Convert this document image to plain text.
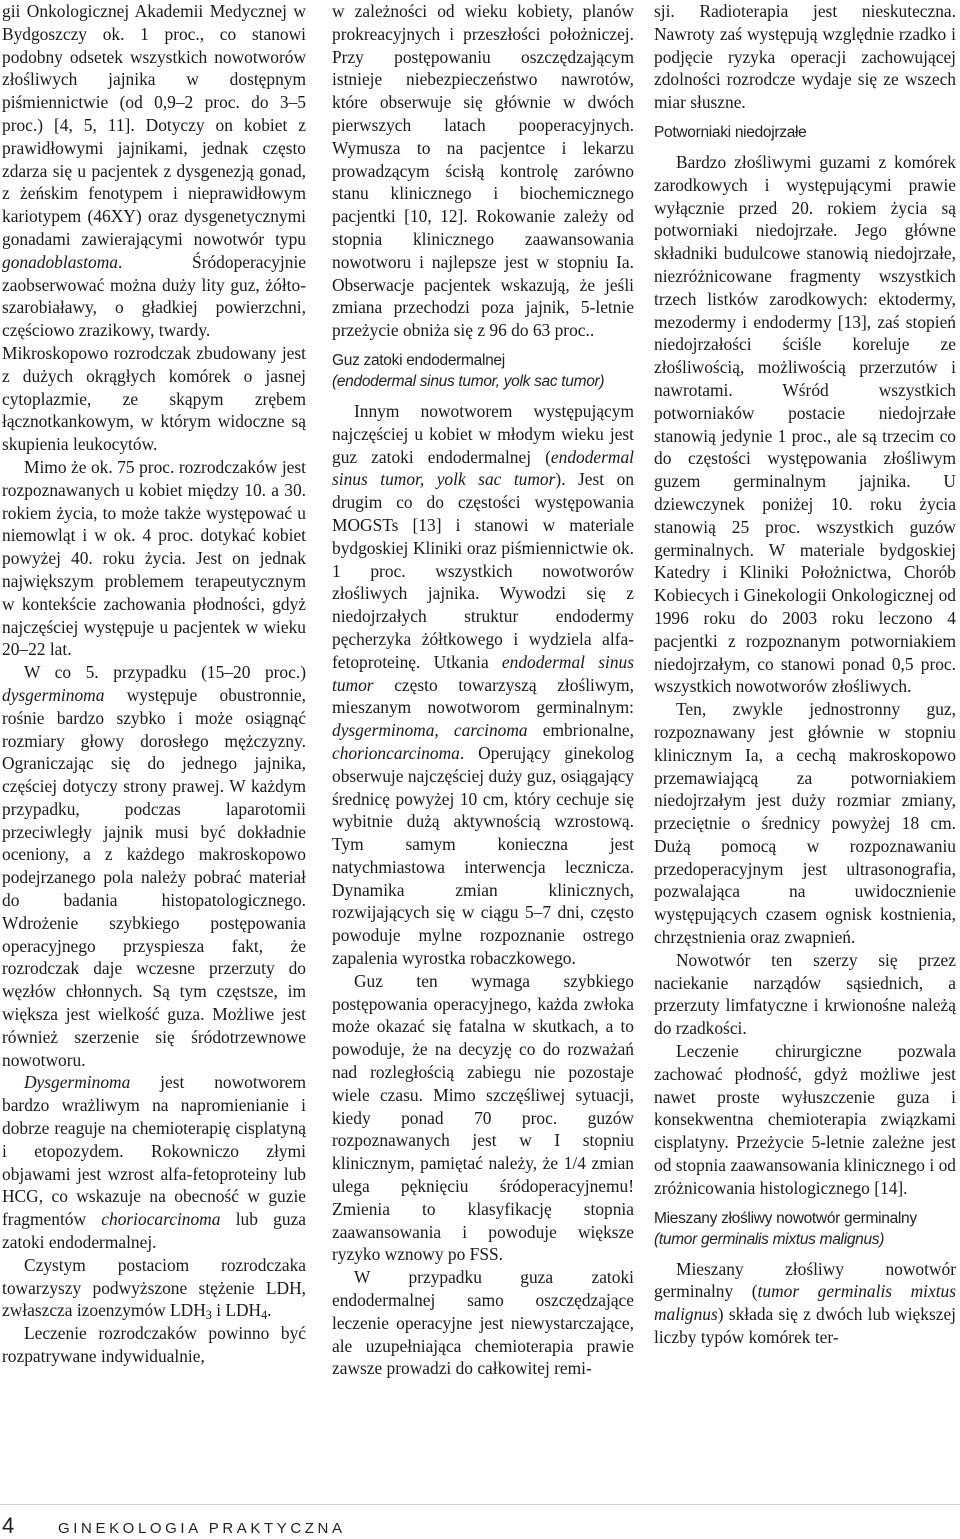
gii Onkologicznej Akademii Medycznej w Bydgoszczy ok. 1 proc., co stanowi podobny odsetek wszystkich nowotworów złośliwych jajnika w dostępnym piśmiennictwie (od 0,9–2 proc. do 3–5 proc.) [4, 5, 11]. Dotyczy on kobiet z prawidłowymi jajnikami, jednak często zdarza się u pacjentek z dysgenezją gonad, z żeńskim fenotypem i nieprawidłowym kariotypem (46XY) oraz dysgenetycznymi gonadami zawierającymi nowotwór typu gonadoblastoma. Śródoperacyjnie zaobserwować można duży lity guz, żółto-szarobiaławy, o gładkiej powierzchni, częściowo zrazikowy, twardy.

Mikroskopowo rozrodczak zbudowany jest z dużych okrągłych komórek o jasnej cytoplazmie, ze skąpym zrębem łącznotkankowym, w którym widoczne są skupienia leukocytów.

Mimo że ok. 75 proc. rozrodczaków jest rozpoznawanych u kobiet między 10. a 30. rokiem życia, to może także występować u niemowląt i w ok. 4 proc. dotykać kobiet powyżej 40. roku życia. Jest on jednak największym problemem terapeutycznym w kontekście zachowania płodności, gdyż najczęściej występuje u pacjentek w wieku 20–22 lat.

W co 5. przypadku (15–20 proc.) dysgerminoma występuje obustronnie, rośnie bardzo szybko i może osiągnąć rozmiary głowy dorosłego mężczyzny. Ograniczając się do jednego jajnika, częściej dotyczy strony prawej. W każdym przypadku, podczas laparotomii przeciwległy jajnik musi być dokładnie oceniony, a z każdego makroskopowo podejrzanego pola należy pobrać materiał do badania histopatologicznego. Wdrożenie szybkiego postępowania operacyjnego przyspiesza fakt, że rozrodczak daje wczesne przerzuty do węzłów chłonnych. Są tym częstsze, im większa jest wielkość guza. Możliwe jest również szerzenie się śródotrzewnowe nowotworu.

Dysgerminoma jest nowotworem bardzo wrażliwym na napromienianie i dobrze reaguje na chemioterapię cisplatyną i etopozydem. Rokowniczo złymi objawami jest wzrost alfa-fetoproteiny lub HCG, co wskazuje na obecność w guzie fragmentów choriocarcinoma lub guza zatoki endodermalnej.

Czystym postaciom rozrodczaka towarzyszy podwyższone stężenie LDH, zwłaszcza izoenzymów $LDH_3$ i $LDH_4$.

Leczenie rozrodczaków powinno być rozpatrywane indywidualnie,

w zależności od wieku kobiety, planów prokreacyjnych i przeszłości położniczej. Przy postępowaniu oszczędzającym istnieje niebezpieczeństwo nawrotów, które obserwuje się głównie w dwóch pierwszych latach pooperacyjnych. Wymusza to na pacjentce i lekarzu prowadzącym ścisłą kontrolę zarówno stanu klinicznego i biochemicznego pacjentki [10, 12]. Rokowanie zależy od stopnia klinicznego zaawansowania nowotworu i najlepsze jest w stopniu Ia. Obserwacje pacjentek wskazują, że jeśli zmiana przechodzi poza jajnik, 5-letnie przeżycie obniża się z 96 do 63 proc..

Guz zatoki endodermalnej
(endodermal sinus tumor, yolk sac tumor)

Innym nowotworem występującym najczęściej u kobiet w młodym wieku jest guz zatoki endodermalnej (endodermal sinus tumor, yolk sac tumor). Jest on drugim co do częstości występowania MOGSTs [13] i stanowi w materiale bydgoskiej Kliniki oraz piśmiennictwie ok. 1 proc. wszystkich nowotworów złośliwych jajnika. Wywodzi się z niedojrzałych struktur endodermy pęcherzyka żółtkowego i wydziela alfa-fetoproteinę. Utkania endodermal sinus tumor często towarzyszą złośliwym, mieszanym nowotworom germinalnym: dysgerminoma, carcinoma embrionalne, chorioncarcinoma. Operujący ginekolog obserwuje najczęściej duży guz, osiągający średnicę powyżej 10 cm, który cechuje się wybitnie dużą aktywnością wzrostową. Tym samym konieczna jest natychmiastowa interwencja lecznicza. Dynamika zmian klinicznych, rozwijających się w ciągu 5–7 dni, często powoduje mylne rozpoznanie ostrego zapalenia wyrostka robaczkowego.

Guz ten wymaga szybkiego postępowania operacyjnego, każda zwłoka może okazać się fatalna w skutkach, a to powoduje, że na decyzję co do rozważań nad rozległością zabiegu nie pozostaje wiele czasu. Mimo szczęśliwej sytuacji, kiedy ponad 70 proc. guzów rozpoznawanych jest w I stopniu klinicznym, pamiętać należy, że 1/4 zmian ulega pęknięciu śródoperacyjnemu! Zmienia to klasyfikację stopnia zaawansowania i powoduje większe ryzyko wznowy po FSS.

W przypadku guza zatoki endodermalnej samo oszczędzające leczenie operacyjne jest niewystarczające, ale uzupełniająca chemioterapia prawie zawsze prowadzi do całkowitej remi-

sji. Radioterapia jest nieskuteczna. Nawroty zaś występują względnie rzadko i podjęcie ryzyka operacji zachowującej zdolności rozrodcze wydaje się ze wszech miar słuszne.

Potworniaki niedojrzałe

Bardzo złośliwymi guzami z komórek zarodkowych i występującymi prawie wyłącznie przed 20. rokiem życia są potworniaki niedojrzałe. Jego główne składniki budulcowe stanowią niedojrzałe, niezróżnicowane fragmenty wszystkich trzech listków zarodkowych: ektodermy, mezodermy i endodermy [13], zaś stopień niedojrzałości ściśle koreluje ze złośliwością, możliwością przerzutów i nawrotami. Wśród wszystkich potworniaków postacie niedojrzałe stanowią jedynie 1 proc., ale są trzecim co do częstości występowania złośliwym guzem germinalnym jajnika. U dziewczynek poniżej 10. roku życia stanowią 25 proc. wszystkich guzów germinalnych. W materiale bydgoskiej Katedry i Kliniki Położnictwa, Chorób Kobiecych i Ginekologii Onkologicznej od 1996 roku do 2003 roku leczono 4 pacjentki z rozpoznanym potworniakiem niedojrzałym, co stanowi ponad 0,5 proc. wszystkich nowotworów złośliwych.

Ten, zwykle jednostronny guz, rozpoznawany jest głównie w stopniu klinicznym Ia, a cechą makroskopowo przemawiającą za potworniakiem niedojrzałym jest duży rozmiar zmiany, przeciętnie o średnicy powyżej 18 cm. Dużą pomocą w rozpoznawaniu przedoperacyjnym jest ultrasonografia, pozwalająca na uwidocznienie występujących czasem ognisk kostnienia, chrzęstnienia oraz zwapnień.

Nowotwór ten szerzy się przez naciekanie narządów sąsiednich, a przerzuty limfatyczne i krwionośne należą do rzadkości.

Leczenie chirurgiczne pozwala zachować płodność, gdyż możliwe jest nawet proste wyłuszczenie guza i konsekwentna chemioterapia związkami cisplatyny. Przeżycie 5-letnie zależne jest od stopnia zaawansowania klinicznego i od zróżnicowania histologicznego [14].

Mieszany złośliwy nowotwór germinalny
(tumor germinalis mixtus malignus)

Mieszany złośliwy nowotwór germinalny (tumor germinalis mixtus malignus) składa się z dwóch lub większej liczby typów komórek ter-

4	GINEKOLOGIA PRAKTYCZNA
